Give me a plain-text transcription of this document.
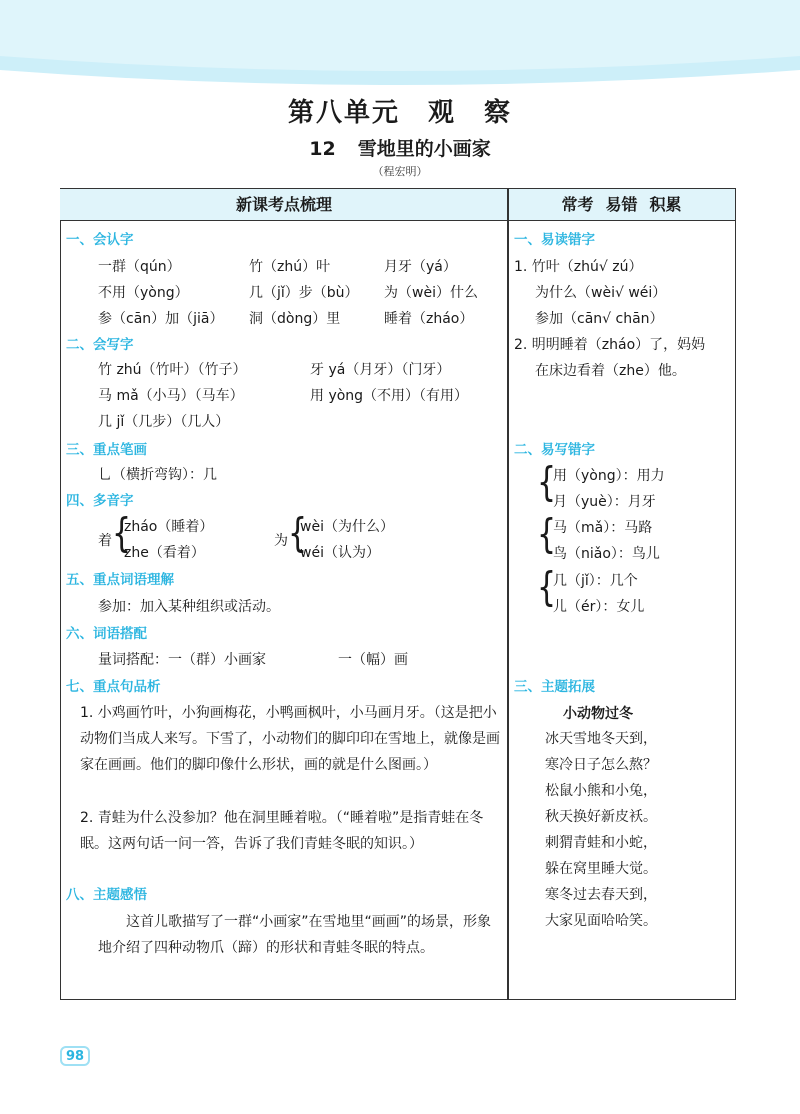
第八单元 观　察
12 雪地里的小画家
（程宏明）
新课考点梳理	常考 易错 积累
一、会认字
一群（qún）	竹（zhú）叶	月牙（yá）
不用（yòng）	几（jǐ）步（bù） 为（wèi）什么
参（cān）加（jiā） 洞（dòng）里	睡着（zháo）
二、会写字
竹 zhú（竹叶）（竹子）	牙 yá（月牙）（门牙）
马 mǎ（小马）（马车）	用 yòng（不用）（有用）
几 jǐ（几步）（几人）
三、重点笔画
乚（横折弯钩）：几
四、多音字
着 {
zháo（睡着）
zhe（看着）
为 {
wèi（为什么）
wéi（认为）
五、重点词语理解
参加：加入某种组织或活动。
六、词语搭配
量词搭配：一（群）小画家	一（幅）画
七、重点句品析
1. 小鸡画竹叶，小狗画梅花，小鸭画枫叶，小马画月牙。（这是把小动物们当成人来写。下雪了，小动物们的脚印印在雪地上，就像是画家在画画。他们的脚印像什么形状，画的就是什么图画。）
2. 青蛙为什么没参加？他在洞里睡着啦。（“睡着啦”是指青蛙在冬眠。这两句话一问一答，告诉了我们青蛙冬眠的知识。）
八、主题感悟
这首儿歌描写了一群“小画家”在雪地里“画画”的场景，形象地介绍了四种动物爪（蹄）的形状和青蛙冬眠的特点。
一、易读错字
1. 竹叶（zhú√ zú）
为什么（wèi√ wéi）
参加（cān√ chān）
2. 明明睡着（zháo）了，妈妈
在床边看着（zhe）他。
二、易写错字
{
用（yòng）：用力
月（yuè）：月牙
{
马（mǎ）：马路
鸟（niǎo）：鸟儿
{
几（jǐ）：几个
儿（ér）：女儿
三、主题拓展
小动物过冬
冰天雪地冬天到，
寒冷日子怎么熬？
松鼠小熊和小兔，
秋天换好新皮袄。
刺猬青蛙和小蛇，
躲在窝里睡大觉。
寒冬过去春天到，
大家见面哈哈笑。
98
